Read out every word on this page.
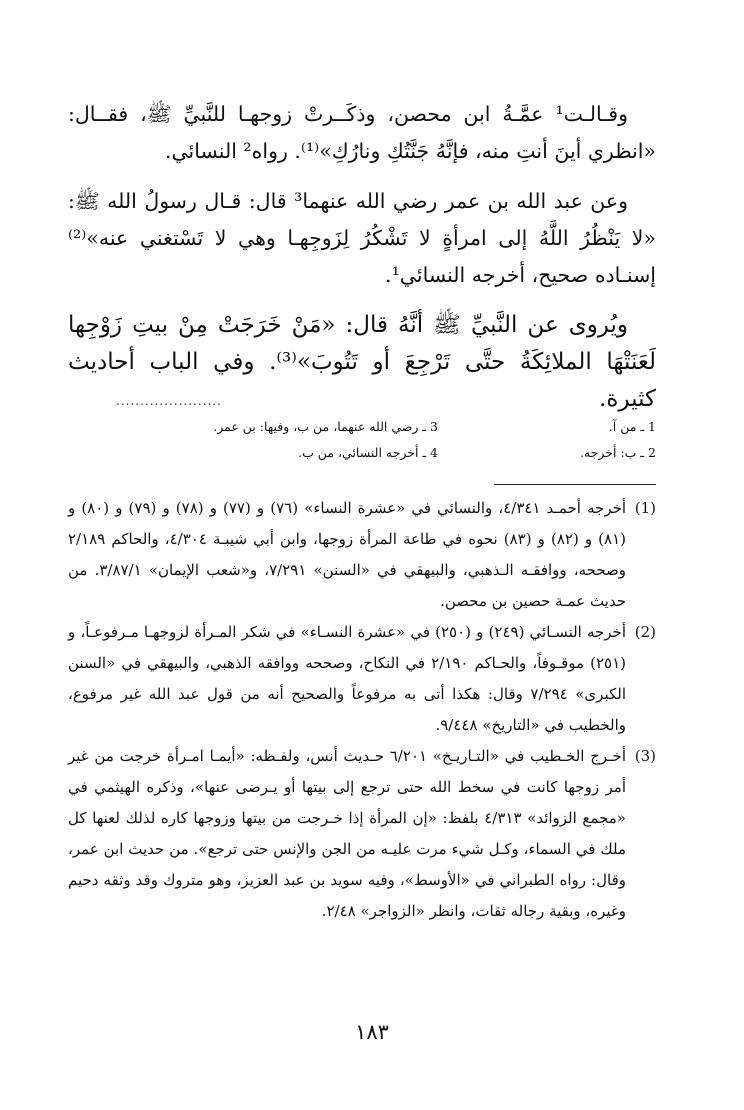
وقـالـت¹ عمَّـةُ ابن محصن، وذكَــرتْ زوجهـا للنَّبيِّ ﷺ، فقــال: «انظري أينَ أنتِ منه، فإنَّهُ جَنَّتُكِ ونارُكِ»⁽¹⁾. رواه² النسائي.

وعن عبد الله بن عمر رضي الله عنهما³ قال: قـال رسولُ الله ﷺ: «لا يَنْظُرُ اللَّهُ إلى امرأةٍ لا تَشْكُرُ لِزَوجِهـا وهي لا تَسْتغني عنه»⁽²⁾ إسنـاده صحيح، أخرجه النسائي¹.

ويُروى عن النَّبيِّ ﷺ أنَّهُ قال: «مَنْ خَرَجَتْ مِنْ بيتِ زَوْجِها لَعَنَتْهَا الملائِكَةُ حتَّى تَرْجِعَ أو تَتُوبَ»⁽³⁾. وفي الباب أحاديث كثيرة.

......................
1 ـ من آ.
2 ـ ب: أخرجه.
3 ـ رضي الله عنهما، من ب، وفيها: بن عمر.
4 ـ أخرجه النسائي، من ب.
(1)
أخرجه أحمـد ٤/٣٤١، والنسائي في «عشرة النساء» (٧٦) و (٧٧) و (٧٨) و (٧٩) و (٨٠) و (٨١) و (٨٢) و (٨٣) نحوه في طاعة المرأة زوجها، وابن أبي شيبـة ٤/٣٠٤، والحاكم ٢/١٨٩ وصححه، ووافقـه الـذهبي، والبيهقي في «السنن» ٧/٢٩١، و«شعب الإيمان» ٣/٨٧/١. من حديث عمـة حصين بن محصن.
(2)
أخرجه النسـائي (٢٤٩) و (٢٥٠) في «عشرة النسـاء» في شكر المـرأة لزوجهـا مـرفوعـاً، و (٢٥١) موقـوفاً، والحـاكم ٢/١٩٠ في النكاح، وصححه ووافقه الذهبي، والبيهقي في «السنن الكبرى» ٧/٢٩٤ وقال: هكذا أتى به مرفوعاً والصحيح أنه من قول عبد الله غير مرفوع، والخطيب في «التاريخ» ٩/٤٤٨.
(3)
أخـرج الخـطيب في «التـاريـخ» ٦/٢٠١ حـديث أنس، ولفـظه: «أيمـا امـرأة خرجت من غير أمر زوجها كانت في سخط الله حتى ترجع إلى بيتها أو يـرضى عنها»، وذكره الهيثمي في «مجمع الزوائد» ٤/٣١٣ بلفظ: «إن المرأة إذا خـرجت من بيتها وزوجها كاره لذلك لعنها كل ملك في السماء، وكـل شيء مرت عليـه من الجن والإنس حتى ترجع». من حديث ابن عمر، وقال: رواه الطبراني في «الأوسط»، وفيه سويد بن عبد العزيز، وهو متروك وقد وثقه دحيم وغيره، وبقية رجاله ثقات، وانظر «الزواجر» ٢/٤٨.
١٨٣
